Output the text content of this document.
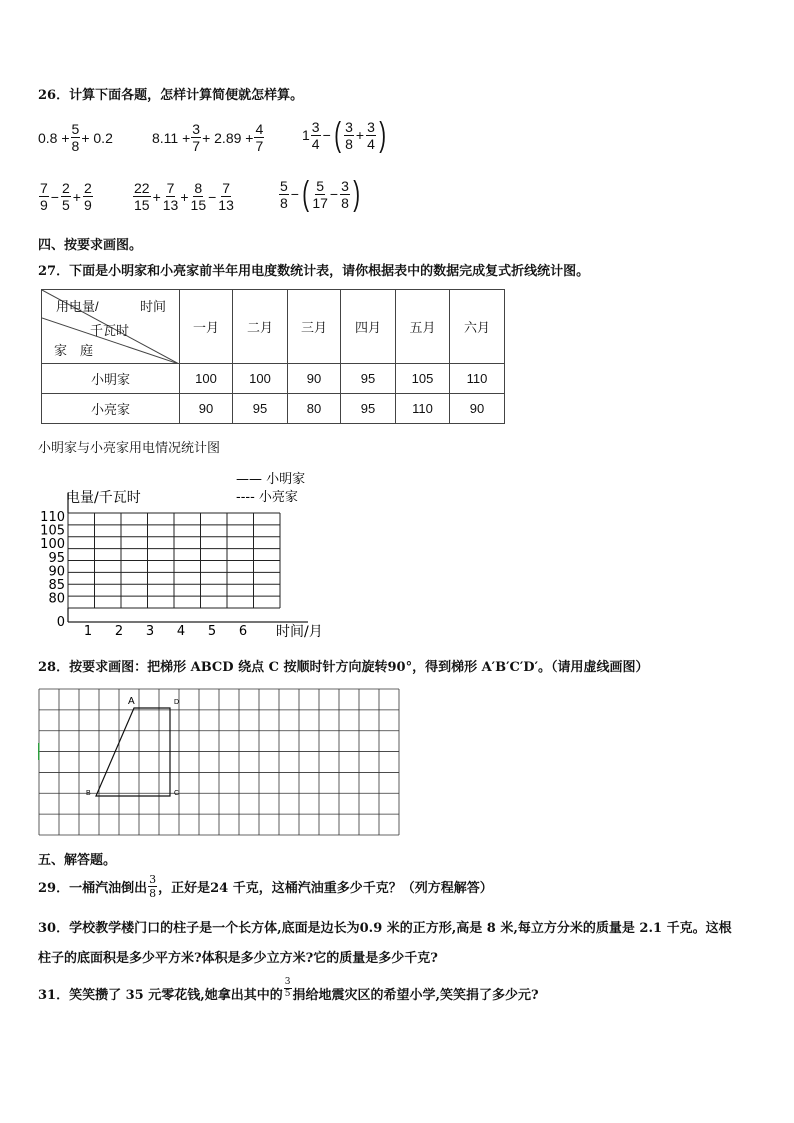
26．计算下面各题，怎样计算简便就怎样算。
$0.8 + \frac{5}{8} + 0.2$	$8.11 + \frac{3}{7} + 2.89 + \frac{4}{7}$	$1 \frac{3}{4}$ − ( $\frac{3}{8} + \frac{3}{4}$ )
$\frac{7}{9} - \frac{2}{5} + \frac{2}{9}$	$\frac{22}{15} + \frac{7}{13} + \frac{8}{15} - \frac{7}{13}$	$\frac{5}{8}$ − ( $\frac{5}{17} - \frac{3}{8}$ )
四、按要求画图。
27．下面是小明家和小亮家前半年用电度数统计表，请你根据表中的数据完成复式折线统计图。
用电量/ 时间
千瓦时
家　庭	一月	二月	三月	四月	五月	六月
小明家	100	100	90	95	105	110
小亮家	90	95	80	95	110	90
小明家与小亮家用电情况统计图
电量/千瓦时
时间/月
—— 小明家
---- 小亮家
110
105
100
95
90
85
80
0
1 2 3 4 5 6
28．按要求画图：把梯形 ABCD 绕点 C 按顺时针方向旋转90°，得到梯形 A′B′C′D′。（请用虚线画图）
A	D
B	C
五、解答题。
29．一桶汽油倒出 $\frac{3}{8}$ ，正好是24 千克，这桶汽油重多少千克？（列方程解答）
30．学校教学楼门口的柱子是一个长方体,底面是边长为0.9 米的正方形,高是 8 米,每立方分米的质量是 2.1 千克。这根
柱子的底面积是多少平方米?体积是多少立方米?它的质量是多少千克?
31．笑笑攒了 35 元零花钱,她拿出其中的 $\frac{3}{5}$ 捐给地震灾区的希望小学,笑笑捐了多少元?
